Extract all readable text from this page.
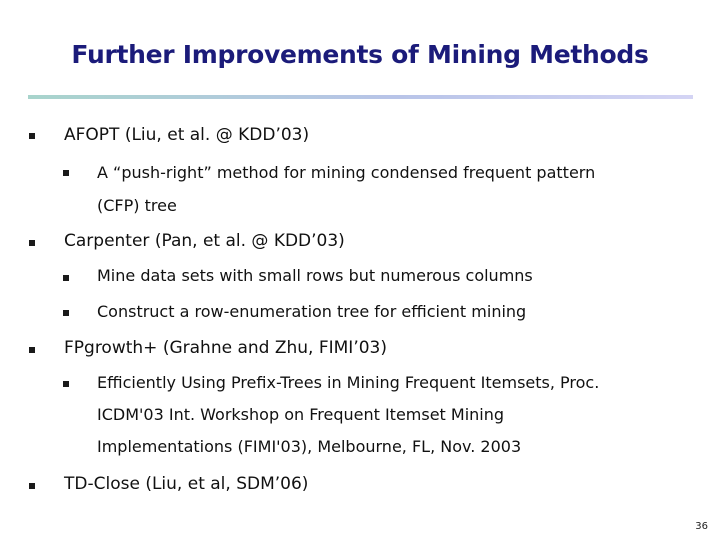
Further Improvements of Mining Methods
AFOPT (Liu, et al. @ KDD’03)
A “push-right” method for mining condensed frequent pattern
(CFP) tree
Carpenter (Pan, et al. @ KDD’03)
Mine data sets with small rows but numerous columns
Construct a row-enumeration tree for efficient mining
FPgrowth+ (Grahne and Zhu, FIMI’03)
Efficiently Using Prefix-Trees in Mining Frequent Itemsets, Proc.
ICDM'03 Int. Workshop on Frequent Itemset Mining
Implementations (FIMI'03), Melbourne, FL, Nov. 2003
TD-Close (Liu, et al, SDM’06)
36
